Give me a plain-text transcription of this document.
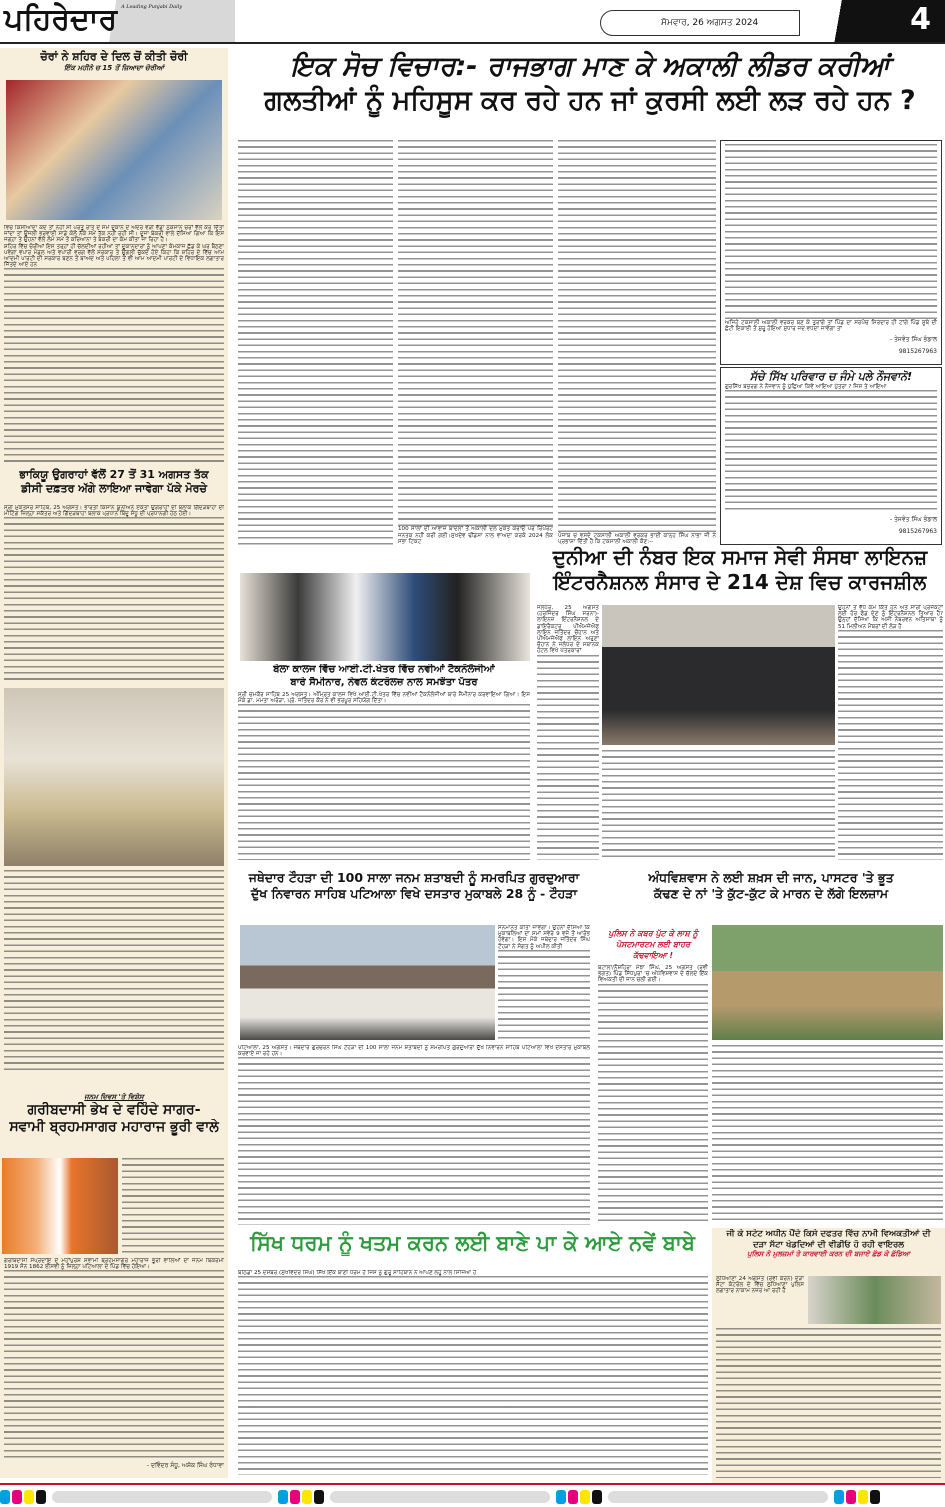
ਪਹਿਰੇਦਾਰ A Leading Punjabi Daily
ਸੋਮਵਾਰ, 26 ਅਗਸਤ 2024	4
ਚੋਰਾਂ ਨੇ ਸ਼ਹਿਰ ਦੇ ਦਿਲ ਚੋਂ ਕੀਤੀ ਚੋਰੀ
ਇੱਕ ਮਹੀਨੇ ਚ 15 ਤੋਂ ਜ਼ਿਆਦਾ ਚੋਰੀਆਂ

ਵਿਚ ਕਿਸੀਆਦਾ ਕਦ ਤਾਂ ਨਹੀਂ ਸੀ ਪਰੰਤੂ ਰਾਤ ਦੇ ਸਮੇਂ ਦੁਕਾਨ ਦੇ ਅੰਦਰ ਵੜੀ ਵੱਡਾ ਨੁਕਸਾਨ ਚੋਰਾਂ ਵੱਲੋਂ ਕਰ ਦਿੱਤਾ ਜਾਂਦਾ ਤਾਂ ਉਜਲੀ ਭਰਵਾਈ ਸਾਡੇ ਕੋਲੋਂ ਨੱਕੇ ਸਮੇਂ ਤੱਕ ਨਹੀਂ ਰਹੀ ਸੀ। ਦੂਜਾ ਬੇਕਰੀ ਵਾਲੇ ਦੱਸਿਆ ਗਿਆ ਕਿ ਇਸ ਜਗ੍ਹਾ ਤੇ ਉਹਨਾਂ ਵੱਲੋਂ ਲੰਮੇ ਸਮੇਂ ਤੋਂ ਕਰਿਆਨਾ ਤੇ ਬੇਕਰੀ ਦਾ ਕੰਮ ਕੀਤਾ ਜਾ ਰਿਹਾ ਹੈ।

ਸ਼ਹਿਰ ਵਿੱਚ ਚੋਰੀਆਂ ਇਸ ਤਰ੍ਹਾਂ ਹੀ ਚੱਲਦੀਆਂ ਰਹੀਆਂ ਤਾਂ ਦੁਕਾਨਦਾਰਾਂ ਨੂੰ ਆਪਣਾ ਕੰਮਕਾਜ ਛੱਡ ਕੇ ਘਰ ਬੈਠਣਾ ਪਵੇਗਾ ਵਪਾਰ ਮੰਡਲ ਅਤੇ ਵਪਾਰੀ ਵਰਗ ਵੱਲੋਂ ਸਰਕਾਰ ਤੇ ਉਂਗਲੀ ਚੁੱਕਦੇ ਹੋਏ ਕਿਹਾ ਕਿ ਸ਼ਹਿਰ ਦੇ ਵਿੱਚ ਆਮ ਆਦਮੀ ਪਾਰਟੀ ਦੀ ਸਰਕਾਰ ਬਣਨ ਤੋਂ ਬਾਅਦ ਅਤੇ ਪਹਿਲਾ ਤੋਂ ਵੀ ਆਮ ਆਦਮੀ ਪਾਰਟੀ ਦੇ ਵਿਧਾਇਕ ਲਗਾਤਾਰ ਜਿੱਤਦੇ ਆਏ ਹਨ

ਭਾਕਿਯੂ ਉਗਰਾਹਾਂ ਵੱਲੋਂ 27 ਤੋਂ 31 ਅਗਸਤ ਤੱਕ
ਡੀਸੀ ਦਫ਼ਤਰ ਅੱਗੇ ਲਾਇਆ ਜਾਵੇਗਾ ਪੱਕੇ ਮੋਰਚੇ

ਸ੍ਰੀ ਮੁਕਤਸਰ ਸਾਹਿਬ, 25 ਅਗਸਤ। ਭਾਰਤੀ ਕਿਸਾਨ ਯੂਨੀਅਨ ਏਕਤਾ ਉਗਰਾਹਾਂ ਦੀ ਬਲਾਕ ਗਿੱਦੜਬਾਹਾ ਦੀ ਮੀਟਿੰਗ ਜ਼ਿਲ੍ਹਾ ਸਕੱਤਰ ਅਤੇ ਗਿੱਦੜਬਾਹਾ ਬਲਾਕ ਪ੍ਰਧਾਨ ਬਿੰਦੂ ਸੰਧੂ ਦੀ ਪ੍ਰਧਾਨਗੀ ਹੇਠ ਹੋਈ।

ਜਨਮ ਦਿਵਸ 'ਤੇ ਵਿਸ਼ੇਸ
ਗਰੀਬਦਾਸੀ ਭੇਖ ਦੇ ਵਹਿੰਦੇ ਸਾਗਰ-
ਸਵਾਮੀ ਬ੍ਰਹਮਸਾਗਰ ਮਹਾਰਾਜ ਭੂਰੀ ਵਾਲੇ

ਗਰੀਬਦਾਸੀ ਸੰਪ੍ਰਦਾਇ ਦੇ ਮਹਾਂਪੁਰਸ਼ ਸਵਾਮੀ ਬ੍ਰਹਮਸਾਗਰ ਮਹਾਰਾਜ ਭੂਰੀ ਵਾਲਿਆਂ ਦਾ ਜਨਮ ਬਿਕਰਮੀ 1919 ਸੰਨ 1862 ਈਸਵੀ ਨੂੰ ਜ਼ਿਲ੍ਹਾ ਪਟਿਆਲਾ ਦੇ ਪਿੰਡ ਵਿੱਚ ਹੋਇਆ।

- ਦਵਿੰਦਰ ਸੰਧੂ, ਅਸ਼ੋਕ ਸਿੰਘ ਰੰਧਾਵਾ
ਇਕ ਸੋਚ ਵਿਚਾਰ:- ਰਾਜਭਾਗ ਮਾਣ ਕੇ ਅਕਾਲੀ ਲੀਡਰ ਕਰੀਆਂ
ਗਲਤੀਆਂ ਨੂੰ ਮਹਿਸੂਸ ਕਰ ਰਹੇ ਹਨ ਜਾਂ ਕੁਰਸੀ ਲਈ ਲੜ ਰਹੇ ਹਨ ?

100 ਸਾਲਾਂ ਦੀ ਆਵਾਜ਼ ਬਾਦਲਾਂ ਤੋਂ ਅਕਾਲੀ ਦਲ ਮੁਕਤ ਕਰਾਓ ਪਰ ਰਿਪੋਰਟ ਜਨਤਕ ਨਹੀਂ ਕਰੀ ਗਈ।ਸੁਖਦੇਵ ਢੀਂਡਸਾ ਨਾਲ ਵਾਅਦਾ ਕਰਕੇ 2024 ਲੋਕ ਸਭਾ ਟਿਕਟ

ਪੰਜਾਬ ਚ ਵਸਦੇ ਟਕਸਾਲੀ ਅਕਾਲੀ ਵਰਕਰ ਭਾਈ ਕਾਨ੍ਹ ਸਿੰਘ ਨਾਭਾ ਜੀ ਨੇ ਪ੍ਰਭਾਸ਼ਾ ਦਿੱਤੀ ਹੈ ਕਿ ਟਕਸਾਲੀ ਅਕਾਲੀ ਕੌਣ:--

ਅਜਿਹੇ ਟਕਸਾਲੀ ਅਕਾਲੀ ਵਰਕਰ ਬਣ ਕੇ ਤੁਰਾਂਗੇ ਤਾਂ ਪਿੰਡ ਦਾ ਸਰਪੰਚ ਸਿਰਦਾਰ ਹੀ ਟਾਂਗੇ ਪਿੰਡ ਸੂਬੇ ਦੀ ਛੋਟੀ ਇਕਾਈ ਤੋਂ ਸ਼ੁਰੂ ਹੋਇਆ ਸੁਧਾਰ ਜਦ ਵਧਦਾ ਜਾਵੇਗਾ ਤਾਂ

- ਤੇਜਵੰਤ ਸਿੰਘ ਭੰਡਾਲ
9815267963
ਸੱਚੇ ਸਿੱਖ ਪਰਿਵਾਰ ਚ ਜੰਮੇ ਪਲੇ ਨੌਜਵਾਨੋ!

ਗੁਰਸਿੱਖ ਬਜ਼ੁਰਗ ਨੇ ਨੌਜਵਾਨ ਨੂੰ ਪੁੱਛਿਆ ਕਿਵੇਂ ਆਇਆ ਪੁੱਤਰਾ ? ਜਿਸ ਤੇ ਆਇਆ

- ਤੇਜਵੰਤ ਸਿੰਘ ਭੰਡਾਲ
9815267963
ਬੇਲਾ ਕਾਲਜ ਵਿੱਚ ਆਈ.ਟੀ.ਖੇਤਰ ਵਿੱਚ ਨਵੀਆਂ ਟੈਕਨੋਲੋਜੀਆਂ
ਬਾਰੇ ਸੈਮੀਨਾਰ, ਨੇਵਲ ਕੰਟਰੋਲਜ਼ ਨਾਲ ਸਮਝੌਤਾ ਪੱਤਰ

ਸ੍ਰੀ ਚਮਕੌਰ ਸਾਹਿਬ 25 ਅਗਸਤ। ਅੰਮ੍ਰਿਤ ਕਾਲਜ ਵਿਖੇ ਆਈ.ਟੀ.ਖੇਤਰ ਵਿੱਚ ਨਵੀਆਂ ਟੈਕਨੋਲੋਜੀਆਂ ਬਾਰੇ ਸੈਮੀਨਾਰ ਕਰਵਾਇਆ ਗਿਆ। ਇਸ ਮੌਕੇ ਡਾ. ਮਮਤਾ ਅਰੋੜਾ, ਪ੍ਰੋ. ਜਤਿੰਦਰ ਕੌਰ ਨੇ ਵੀ ਭਰਪੂਰ ਸਹਿਯੋਗ ਦਿੱਤਾ।

ਦੁਨੀਆ ਦੀ ਨੰਬਰ ਇਕ ਸਮਾਜ ਸੇਵੀ ਸੰਸਥਾ ਲਾਇਨਜ਼
ਇੰਟਰਨੈਸ਼ਨਲ ਸੰਸਾਰ ਦੇ 214 ਦੇਸ਼ ਵਿਚ ਕਾਰਜਸ਼ੀਲ

ਜਲੰਧਰ, 25 ਅਗਸਤ (ਹਰਜਿੰਦਰ ਸਿੰਘ ਸਰਨਾ)- ਲਾਇਨਜ਼ ਇੰਟਰਨੈਸ਼ਨਲ ਦੇ ਡਾਇਰੈਕਟਰ ਪੀਐਮਜੇਐਫ ਲਾਇਨ ਜਤਿੰਦਰ ਚੌਹਾਨ ਅਤੇ ਪੀਐਮਜੇਐਫ ਲਾਇਨ ਅਰੁਣਾ ਚੌਹਾਨ ਨੇ ਜਲੰਧਰ ਦੇ ਸਥਾਨਕ ਹੋਟਲ ਵਿਖੇ ਪੱਤਰਕਾਰਾਂ

ਉਹਨਾਂ ਤੋਂ ਵੱਧ ਕੰਮ ਕਿੱਤੇ ਹਨ ਅਤੇ ਸਾਰੀ ਪ੍ਰੋਜੈਕਟਾਂ ਲਈ ਹੋਰ ਫੰਡ ਦੇਣ ਨੂੰ ਇੰਟਰਨੈਸ਼ਨਲ ਤਿਆਰ ਹੈ? ਉਨ੍ਹਾਂ ਦੱਸਿਆ ਕਿ ਅਸੀਂ ਨੰਬਰਵਨ ਅਤਿਸਾਥਾ ਨੂੰ 51 ਮਿਲੀਅਨ ਮੈਂਬਰਾਂ ਦੀ ਲੋੜ ਹੈ

ਜਥੇਦਾਰ ਟੌਹੜਾ ਦੀ 100 ਸਾਲਾ ਜਨਮ ਸ਼ਤਾਬਦੀ ਨੂੰ ਸਮਰਪਿਤ ਗੁਰਦੁਆਰਾ
ਦੁੱਖ ਨਿਵਾਰਨ ਸਾਹਿਬ ਪਟਿਆਲਾ ਵਿਖੇ ਦਸਤਾਰ ਮੁਕਾਬਲੇ 28 ਨੂੰ - ਟੌਹੜਾ

ਸਨਮਾਨਤ ਕੀਤਾ ਜਾਵੇਗਾ। ਉਹਨਾਂ ਦੱਸਿਆ ਕਿ ਮੁਕਾਬਲਿਆਂ ਦਾ ਸਮਾਂ ਸਵੇਰੇ 9 ਵਜੇ ਤੋਂ ਆਰੰਭ ਹੋਵੇਗਾ। ਇਸ ਮੌਕੇ ਜਥੇਦਾਰ ਜਤਿੰਦਰ ਸਿੰਘ ਟੌਹੜਾ ਨੇ ਸੰਗਤ ਨੂੰ ਅਪੀਲ ਕੀਤੀ

ਪਟਿਆਲਾ, 25 ਅਗਸਤ। ਜਥੇਦਾਰ ਗੁਰਚਰਨ ਸਿੰਘ ਟੌਹੜਾ ਦੀ 100 ਸਾਲਾ ਜਨਮ ਸ਼ਤਾਬਦੀ ਨੂੰ ਸਮਰਪਿਤ ਗੁਰਦੁਆਰਾ ਦੁੱਖ ਨਿਵਾਰਨ ਸਾਹਿਬ ਪਟਿਆਲਾ ਵਿਖੇ ਦਸਤਾਰ ਮੁਕਾਬਲੇ ਕਰਵਾਏ ਜਾ ਰਹੇ ਹਨ।

ਅੰਧਵਿਸ਼ਵਾਸ ਨੇ ਲਈ ਸ਼ਖ਼ਸ ਦੀ ਜਾਨ, ਪਾਸਟਰ 'ਤੇ ਭੂਤ
ਕੱਢਣ ਦੇ ਨਾਂ 'ਤੇ ਕੁੱਟ-ਕੁੱਟ ਕੇ ਮਾਰਨ ਦੇ ਲੱਗੇ ਇਲਜ਼ਾਮ
ਪੁਲਿਸ ਨੇ ਕਬਰ ਪੁੱਟ ਕੇ ਲਾਸ਼ ਨੂੰ ਪੋਸਟਮਾਰਟਮ ਲਈ ਬਾਹਰ ਕੱਢਵਾਇਆ !

ਬਟਾਲਾ/ਨੌਸ਼ਹਿਰਾ ਮੱਝਾ ਸਿੰਘ, 25 ਅਗਸਤ (ਰਵੀ ਭਗਤ) ਪਿੰਡ ਸਿੱਧਪੁਰਾ 'ਚ ਅੰਧਵਿਸ਼ਵਾਸ ਦੇ ਚੱਲਦੇ ਇੱਕ ਵਿਅਕਤੀ ਦੀ ਜਾਨ ਚਲੀ ਗਈ।

ਸਿੱਖ ਧਰਮ ਨੂੰ ਖਤਮ ਕਰਨ ਲਈ ਬਾਣੇ ਪਾ ਕੇ ਆਏ ਨਵੇਂ ਬਾਬੇ

ਬਠਿੰਡਾ 25 ਦਸੰਬਰ (ਸੁਖਵਿੰਦਰ ਸਿੰਘ) ਸਿੱਖ ਇੱਕ ਬਾਣੀ ਧਰਮ ਹੈ ਜਿਸ ਨੂੰ ਗੁਰੂ ਸਾਹਿਬਾਨ ਨੇ ਆਪਣੇ ਲਹੂ ਨਾਲ ਸਿੰਜਿਆ ਹੈ

ਜੀ ਕੇ ਸਟੇਟ ਅਧੀਨ ਪੈਂਦੇ ਕਿਸੇ ਦਫਤਰ ਵਿੱਚ ਨਾਮੀ ਵਿਅਕਤੀਆਂ ਦੀ
ਦੜਾ ਸੱਟਾ ਖੇਡਦਿਆਂ ਦੀ ਵੀਡੀਓ ਹੋ ਰਹੀ ਵਾਇਰਲ
ਪੁਲਿਸ ਨੇ ਮੁਲਜ਼ਮਾਂ ਤੇ ਕਾਰਵਾਈ ਕਰਨ ਦੀ ਬਜਾਏ ਛੱਡ ਕੇ ਛੱਡਿਆ

ਲੁਧਿਆਣਾ 24 ਅਗਸਤ (ਰਵੀ ਕਰਨ) ਦੜਾ ਸੱਟਾ ਕੰਟਰੋਲ ਦੇ ਵਿੱਚ ਲੁਧਿਆਣਾ ਪੁਲਿਸ ਲਗਾਤਾਰ ਨਾਕਾਮ ਨਜ਼ਰ ਆ ਰਹੀ ਹੈ
